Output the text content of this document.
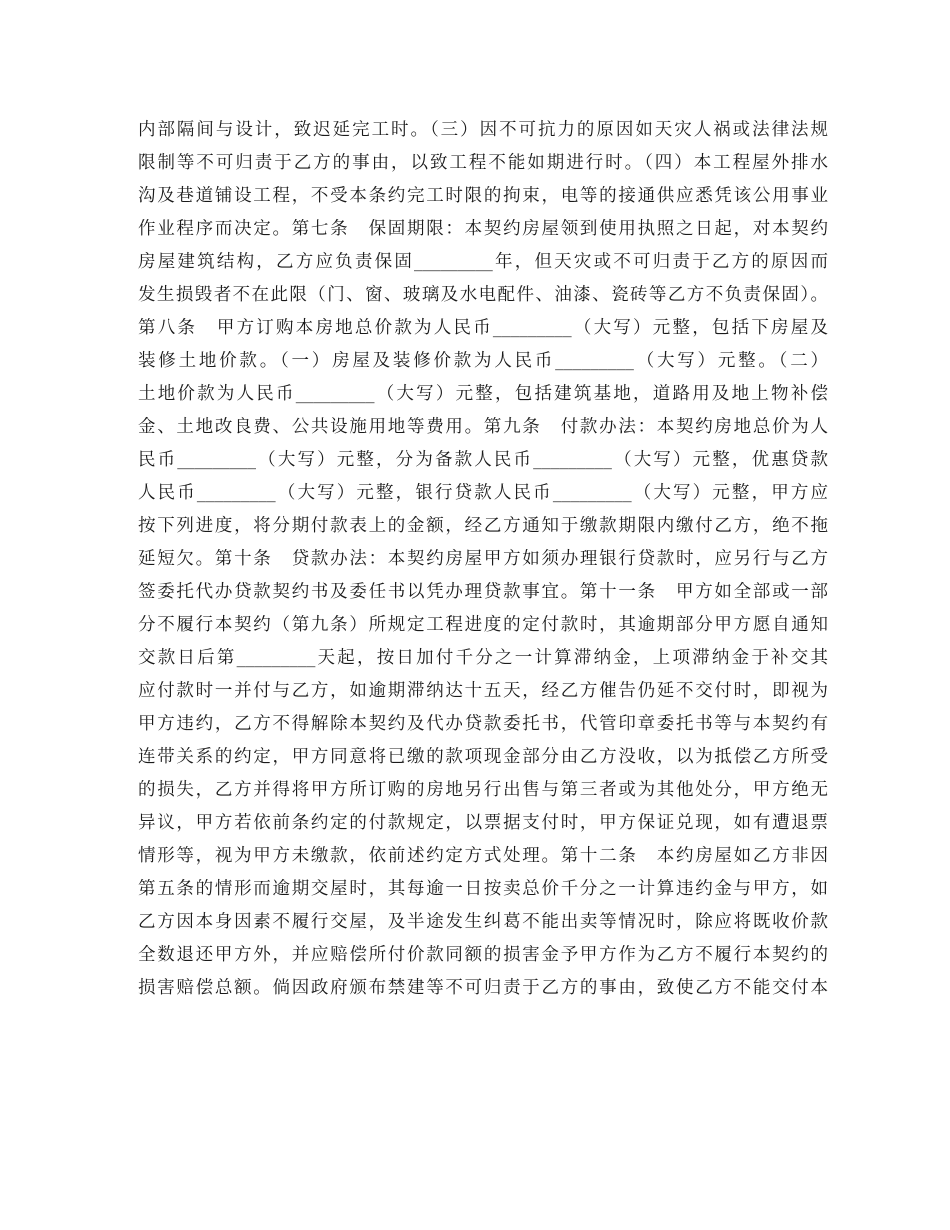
内部隔间与设计，致迟延完工时。（三）因不可抗力的原因如天灾人祸或法律法规
限制等不可归责于乙方的事由，以致工程不能如期进行时。（四）本工程屋外排水
沟及巷道铺设工程，不受本条约完工时限的拘束，电等的接通供应悉凭该公用事业
作业程序而决定。第七条　保固期限：本契约房屋领到使用执照之日起，对本契约
房屋建筑结构，乙方应负责保固_________年，但天灾或不可归责于乙方的原因而
发生损毁者不在此限（门、窗、玻璃及水电配件、油漆、瓷砖等乙方不负责保固）。
第八条　甲方订购本房地总价款为人民币_________（大写）元整，包括下房屋及
装修土地价款。（一）房屋及装修价款为人民币_________（大写）元整。（二）
土地价款为人民币_________（大写）元整，包括建筑基地，道路用及地上物补偿
金、土地改良费、公共设施用地等费用。第九条　付款办法：本契约房地总价为人
民币_________（大写）元整，分为备款人民币_________（大写）元整，优惠贷款
人民币_________（大写）元整，银行贷款人民币_________（大写）元整，甲方应
按下列进度，将分期付款表上的金额，经乙方通知于缴款期限内缴付乙方，绝不拖
延短欠。第十条　贷款办法：本契约房屋甲方如须办理银行贷款时，应另行与乙方
签委托代办贷款契约书及委任书以凭办理贷款事宜。第十一条　甲方如全部或一部
分不履行本契约（第九条）所规定工程进度的定付款时，其逾期部分甲方愿自通知
交款日后第_________天起，按日加付千分之一计算滞纳金，上项滞纳金于补交其
应付款时一并付与乙方，如逾期滞纳达十五天，经乙方催告仍延不交付时，即视为
甲方违约，乙方不得解除本契约及代办贷款委托书，代管印章委托书等与本契约有
连带关系的约定，甲方同意将已缴的款项现金部分由乙方没收，以为抵偿乙方所受
的损失，乙方并得将甲方所订购的房地另行出售与第三者或为其他处分，甲方绝无
异议，甲方若依前条约定的付款规定，以票据支付时，甲方保证兑现，如有遭退票
情形等，视为甲方未缴款，依前述约定方式处理。第十二条　本约房屋如乙方非因
第五条的情形而逾期交屋时，其每逾一日按卖总价千分之一计算违约金与甲方，如
乙方因本身因素不履行交屋，及半途发生纠葛不能出卖等情况时，除应将既收价款
全数退还甲方外，并应赔偿所付价款同额的损害金予甲方作为乙方不履行本契约的
损害赔偿总额。倘因政府颁布禁建等不可归责于乙方的事由，致使乙方不能交付本
